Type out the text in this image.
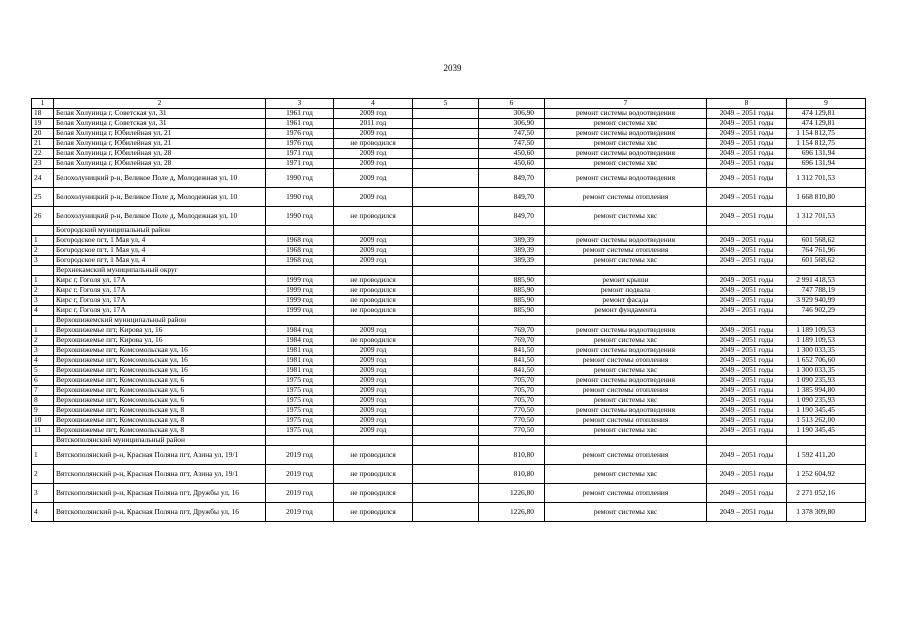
2039
1	2	3	4	5	6	7	8	9
18	Белая Холуница г, Советская ул, 31	1961 год	2009 год		306,90	ремонт системы водоотведения	2049 – 2051 годы	474 129,81
19	Белая Холуница г, Советская ул, 31	1961 год	2011 год		306,90	ремонт системы хвс	2049 – 2051 годы	474 129,81
20	Белая Холуница г, Юбилейная ул, 21	1976 год	2009 год		747,50	ремонт системы водоотведения	2049 – 2051 годы	1 154 812,75
21	Белая Холуница г, Юбилейная ул, 21	1976 год	не проводился		747,50	ремонт системы хвс	2049 – 2051 годы	1 154 812,75
22	Белая Холуница г, Юбилейная ул, 28	1971 год	2009 год		450,60	ремонт системы водоотведения	2049 – 2051 годы	696 131,94
23	Белая Холуница г, Юбилейная ул, 28	1971 год	2009 год		450,60	ремонт системы хвс	2049 – 2051 годы	696 131,94
24	Белохолуницкий р-н, Великое Поле д, Молодежная ул, 10	1990 год	2009 год		849,70	ремонт системы водоотведения	2049 – 2051 годы	1 312 701,53
25	Белохолуницкий р-н, Великое Поле д, Молодежная ул, 10	1990 год	2009 год		849,70	ремонт системы отопления	2049 – 2051 годы	1 668 810,80
26	Белохолуницкий р-н, Великое Поле д, Молодежная ул, 10	1990 год	не проводился		849,70	ремонт системы хвс	2049 – 2051 годы	1 312 701,53
	Богородский муниципальный район							
1	Богородское пгт, 1 Мая ул, 4	1968 год	2009 год		389,39	ремонт системы водоотведения	2049 – 2051 годы	601 568,62
2	Богородское пгт, 1 Мая ул, 4	1968 год	2009 год		389,39	ремонт системы отопления	2049 – 2051 годы	764 761,96
3	Богородское пгт, 1 Мая ул, 4	1968 год	2009 год		389,39	ремонт системы хвс	2049 – 2051 годы	601 568,62
	Верхнекамский муниципальный округ							
1	Кирс г, Гоголя ул, 17А	1999 год	не проводился		885,90	ремонт крыши	2049 – 2051 годы	2 991 418,53
2	Кирс г, Гоголя ул, 17А	1999 год	не проводился		885,90	ремонт подвала	2049 – 2051 годы	747 788,19
3	Кирс г, Гоголя ул, 17А	1999 год	не проводился		885,90	ремонт фасада	2049 – 2051 годы	3 929 940,99
4	Кирс г, Гоголя ул, 17А	1999 год	не проводился		885,90	ремонт фундамента	2049 – 2051 годы	746 902,29
	Верхошижемский муниципальный район							
1	Верхошижемье пгт, Кирова ул, 16	1984 год	2009 год		769,70	ремонт системы водоотведения	2049 – 2051 годы	1 189 109,53
2	Верхошижемье пгт, Кирова ул, 16	1984 год	не проводился		769,70	ремонт системы хвс	2049 – 2051 годы	1 189 109,53
3	Верхошижемье пгт, Комсомольская ул, 16	1981 год	2009 год		841,50	ремонт системы водоотведения	2049 – 2051 годы	1 300 033,35
4	Верхошижемье пгт, Комсомольская ул, 16	1981 год	2009 год		841,50	ремонт системы отопления	2049 – 2051 годы	1 652 706,60
5	Верхошижемье пгт, Комсомольская ул, 16	1981 год	2009 год		841,50	ремонт системы хвс	2049 – 2051 годы	1 300 033,35
6	Верхошижемье пгт, Комсомольская ул, 6	1975 год	2009 год		705,70	ремонт системы водоотведения	2049 – 2051 годы	1 090 235,93
7	Верхошижемье пгт, Комсомольская ул, 6	1975 год	2009 год		705,70	ремонт системы отопления	2049 – 2051 годы	1 385 994,80
8	Верхошижемье пгт, Комсомольская ул, 6	1975 год	2009 год		705,70	ремонт системы хвс	2049 – 2051 годы	1 090 235,93
9	Верхошижемье пгт, Комсомольская ул, 8	1975 год	2009 год		770,50	ремонт системы водоотведения	2049 – 2051 годы	1 190 345,45
10	Верхошижемье пгт, Комсомольская ул, 8	1975 год	2009 год		770,50	ремонт системы отопления	2049 – 2051 годы	1 513 262,00
11	Верхошижемье пгт, Комсомольская ул, 8	1975 год	2009 год		770,50	ремонт системы хвс	2049 – 2051 годы	1 190 345,45
	Вятскополянский муниципальный район							
1	Вятскополянский р-н, Красная Поляна пгт, Азина ул, 19/1	2019 год	не проводился		810,80	ремонт системы отопления	2049 – 2051 годы	1 592 411,20
2	Вятскополянский р-н, Красная Поляна пгт, Азина ул, 19/1	2019 год	не проводился		810,80	ремонт системы хвс	2049 – 2051 годы	1 252 604,92
3	Вятскополянский р-н, Красная Поляна пгт, Дружбы ул, 16	2019 год	не проводился		1226,80	ремонт системы отопления	2049 – 2051 годы	2 271 052,16
4	Вятскополянский р-н, Красная Поляна пгт, Дружбы ул, 16	2019 год	не проводился		1226,80	ремонт системы хвс	2049 – 2051 годы	1 378 309,80
